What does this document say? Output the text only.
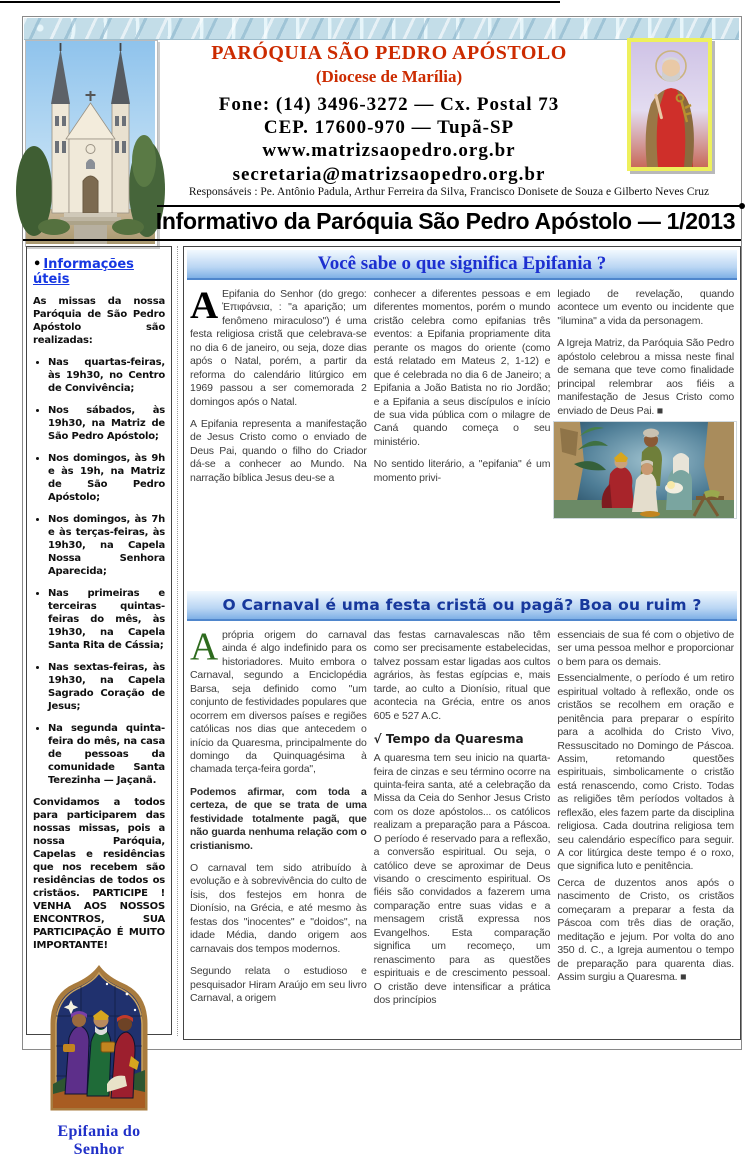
PARÓQUIA SÃO PEDRO APÓSTOLO
(Diocese de Marília)
Fone: (14) 3496-3272 — Cx. Postal 73
CEP. 17600-970 — Tupã-SP
www.matrizsaopedro.org.br
secretaria@matrizsaopedro.org.br
Responsáveis : Pe. Antônio Padula, Arthur Ferreira da Silva, Francisco Donisete de Souza e Gilberto Neves Cruz
Informativo da Paróquia São Pedro Apóstolo — 1/2013
• Informações úteis

As missas da nossa Paróquia de São Pedro Apóstolo são realizadas:

• Nas quartas-feiras, às 19h30, no Centro de Convivência;
• Nos sábados, às 19h30, na Matriz de São Pedro Apóstolo;
• Nos domingos, às 9h e às 19h, na Matriz de São Pedro Apóstolo;
• Nos domingos, às 7h e às terças-feiras, às 19h30, na Capela Nossa Senhora Aparecida;
• Nas primeiras e terceiras quintas-feiras do mês, às 19h30, na Capela Santa Rita de Cássia;
• Nas sextas-feiras, às 19h30, na Capela Sagrado Coração de Jesus;
• Na segunda quinta-feira do mês, na casa de pessoas da comunidade Santa Terezinha — Jaçanã.

Convidamos a todos para participarem das nossas missas, pois a nossa Paróquia, Capelas e residências que nos recebem são residências de todos os cristãos. PARTICIPE ! VENHA AOS NOSSOS ENCONTROS, SUA PARTICIPAÇÃO É MUITO IMPORTANTE!

Epifania do Senhor
Você sabe o que significa Epifania ?

A Epifania do Senhor (do grego: Ἐπιφάνεια, : "a aparição; um fenômeno miraculoso") é uma festa religiosa cristã que celebrava-se no dia 6 de janeiro, ou seja, doze dias após o Natal, porém, a partir da reforma do calendário litúrgico em 1969 passou a ser comemorada 2 domingos após o Natal.

A Epifania representa a manifestação de Jesus Cristo como o enviado de Deus Pai, quando o filho do Criador dá-se a conhecer ao Mundo. Na narração bíblica Jesus deu-se a

conhecer a diferentes pessoas e em diferentes momentos, porém o mundo cristão celebra como epifanias três eventos: a Epifania propriamente dita perante os magos do oriente (como está relatado em Mateus 2, 1-12) e que é celebrada no dia 6 de Janeiro; a Epifania a João Batista no rio Jordão; e a Epifania a seus discípulos e início de sua vida pública com o milagre de Caná quando começa o seu ministério.

No sentido literário, a "epifania" é um momento privi-

legiado de revelação, quando acontece um evento ou incidente que "ilumina" a vida da personagem.

A Igreja Matriz, da Paróquia São Pedro apóstolo celebrou a missa neste final de semana que teve como finalidade principal relembrar aos fiéis a manifestação de Jesus Cristo como enviado de Deus Pai. ■

O Carnaval é uma festa cristã ou pagã? Boa ou ruim ?

Aprópria origem do carnaval ainda é algo indefinido para os historiadores. Muito embora o Carnaval, segundo a Enciclopédia Barsa, seja definido como "um conjunto de festividades populares que ocorrem em diversos países e regiões católicas nos dias que antecedem o início da Quaresma, principalmente do domingo da Quinquagésima à chamada terça-feira gorda",

Podemos afirmar, com toda a certeza, de que se trata de uma festividade totalmente pagã, que não guarda nenhuma relação com o cristianismo.

O carnaval tem sido atribuído à evolução e à sobrevivência do culto de Ísis, dos festejos em honra de Dionísio, na Grécia, e até mesmo às festas dos "inocentes" e "doidos", na idade Média, dando origem aos carnavais dos tempos modernos.

Segundo relata o estudioso e pesquisador Hiram Araújo em seu livro Carnaval, a origem

das festas carnavalescas não têm como ser precisamente estabelecidas, talvez possam estar ligadas aos cultos agrários, às festas egípcias e, mais tarde, ao culto a Dionísio, ritual que acontecia na Grécia, entre os anos 605 e 527 A.C.

√ Tempo da Quaresma

A quaresma tem seu inicio na quarta-feira de cinzas e seu término ocorre na quinta-feira santa, até a celebração da Missa da Ceia do Senhor Jesus Cristo com os doze apóstolos... os católicos realizam a preparação para a Páscoa. O período é reservado para a reflexão, a conversão espiritual. Ou seja, o católico deve se aproximar de Deus visando o crescimento espiritual. Os fiéis são convidados a fazerem uma comparação entre suas vidas e a mensagem cristã expressa nos Evangelhos. Esta comparação significa um recomeço, um renascimento para as questões espirituais e de crescimento pessoal. O cristão deve intensificar a prática dos princípios

essenciais de sua fé com o objetivo de ser uma pessoa melhor e proporcionar o bem para os demais.

Essencialmente, o período é um retiro espiritual voltado à reflexão, onde os cristãos se recolhem em oração e penitência para preparar o espírito para a acolhida do Cristo Vivo, Ressuscitado no Domingo de Páscoa. Assim, retomando questões espirituais, simbolicamente o cristão está renascendo, como Cristo. Todas as religiões têm períodos voltados à reflexão, eles fazem parte da disciplina religiosa. Cada doutrina religiosa tem seu calendário específico para seguir. A cor litúrgica deste tempo é o roxo, que significa luto e penitência.

Cerca de duzentos anos após o nascimento de Cristo, os cristãos começaram a preparar a festa da Páscoa com três dias de oração, meditação e jejum. Por volta do ano 350 d. C., a Igreja aumentou o tempo de preparação para quarenta dias. Assim surgiu a Quaresma. ■
